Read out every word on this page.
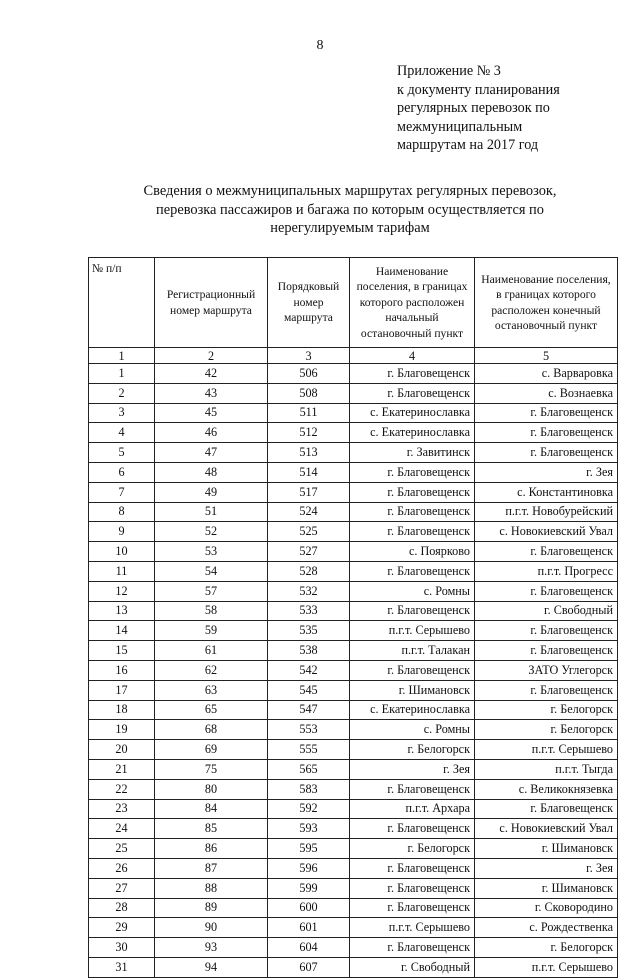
8
Приложение № 3
к документу планирования
регулярных перевозок по
межмуниципальным
маршрутам на 2017 год
Сведения о межмуниципальных маршрутах регулярных перевозок,
перевозка пассажиров и багажа по которым осуществляется по
нерегулируемым тарифам
№ п/п	Регистрационный номер маршрута	Порядковый номер маршрута	Наименование поселения, в границах которого расположен начальный остановочный пункт	Наименование поселения, в границах которого расположен конечный остановочный пункт
1	2	3	4	5
1	42	506	г. Благовещенск	с. Варваровка
2	43	508	г. Благовещенск	с. Вознаевка
3	45	511	с. Екатеринославка	г. Благовещенск
4	46	512	с. Екатеринославка	г. Благовещенск
5	47	513	г. Завитинск	г. Благовещенск
6	48	514	г. Благовещенск	г. Зея
7	49	517	г. Благовещенск	с. Константиновка
8	51	524	г. Благовещенск	п.г.т. Новобурейский
9	52	525	г. Благовещенск	с. Новокиевский Увал
10	53	527	с. Поярково	г. Благовещенск
11	54	528	г. Благовещенск	п.г.т. Прогресс
12	57	532	с. Ромны	г. Благовещенск
13	58	533	г. Благовещенск	г. Свободный
14	59	535	п.г.т. Серышево	г. Благовещенск
15	61	538	п.г.т. Талакан	г. Благовещенск
16	62	542	г. Благовещенск	ЗАТО Углегорск
17	63	545	г. Шимановск	г. Благовещенск
18	65	547	с. Екатеринославка	г. Белогорск
19	68	553	с. Ромны	г. Белогорск
20	69	555	г. Белогорск	п.г.т. Серышево
21	75	565	г. Зея	п.г.т. Тыгда
22	80	583	г. Благовещенск	с. Великокнязевка
23	84	592	п.г.т. Архара	г. Благовещенск
24	85	593	г. Благовещенск	с. Новокиевский Увал
25	86	595	г. Белогорск	г. Шимановск
26	87	596	г. Благовещенск	г. Зея
27	88	599	г. Благовещенск	г. Шимановск
28	89	600	г. Благовещенск	г. Сковородино
29	90	601	п.г.т. Серышево	с. Рождественка
30	93	604	г. Благовещенск	г. Белогорск
31	94	607	г. Свободный	п.г.т. Серышево
